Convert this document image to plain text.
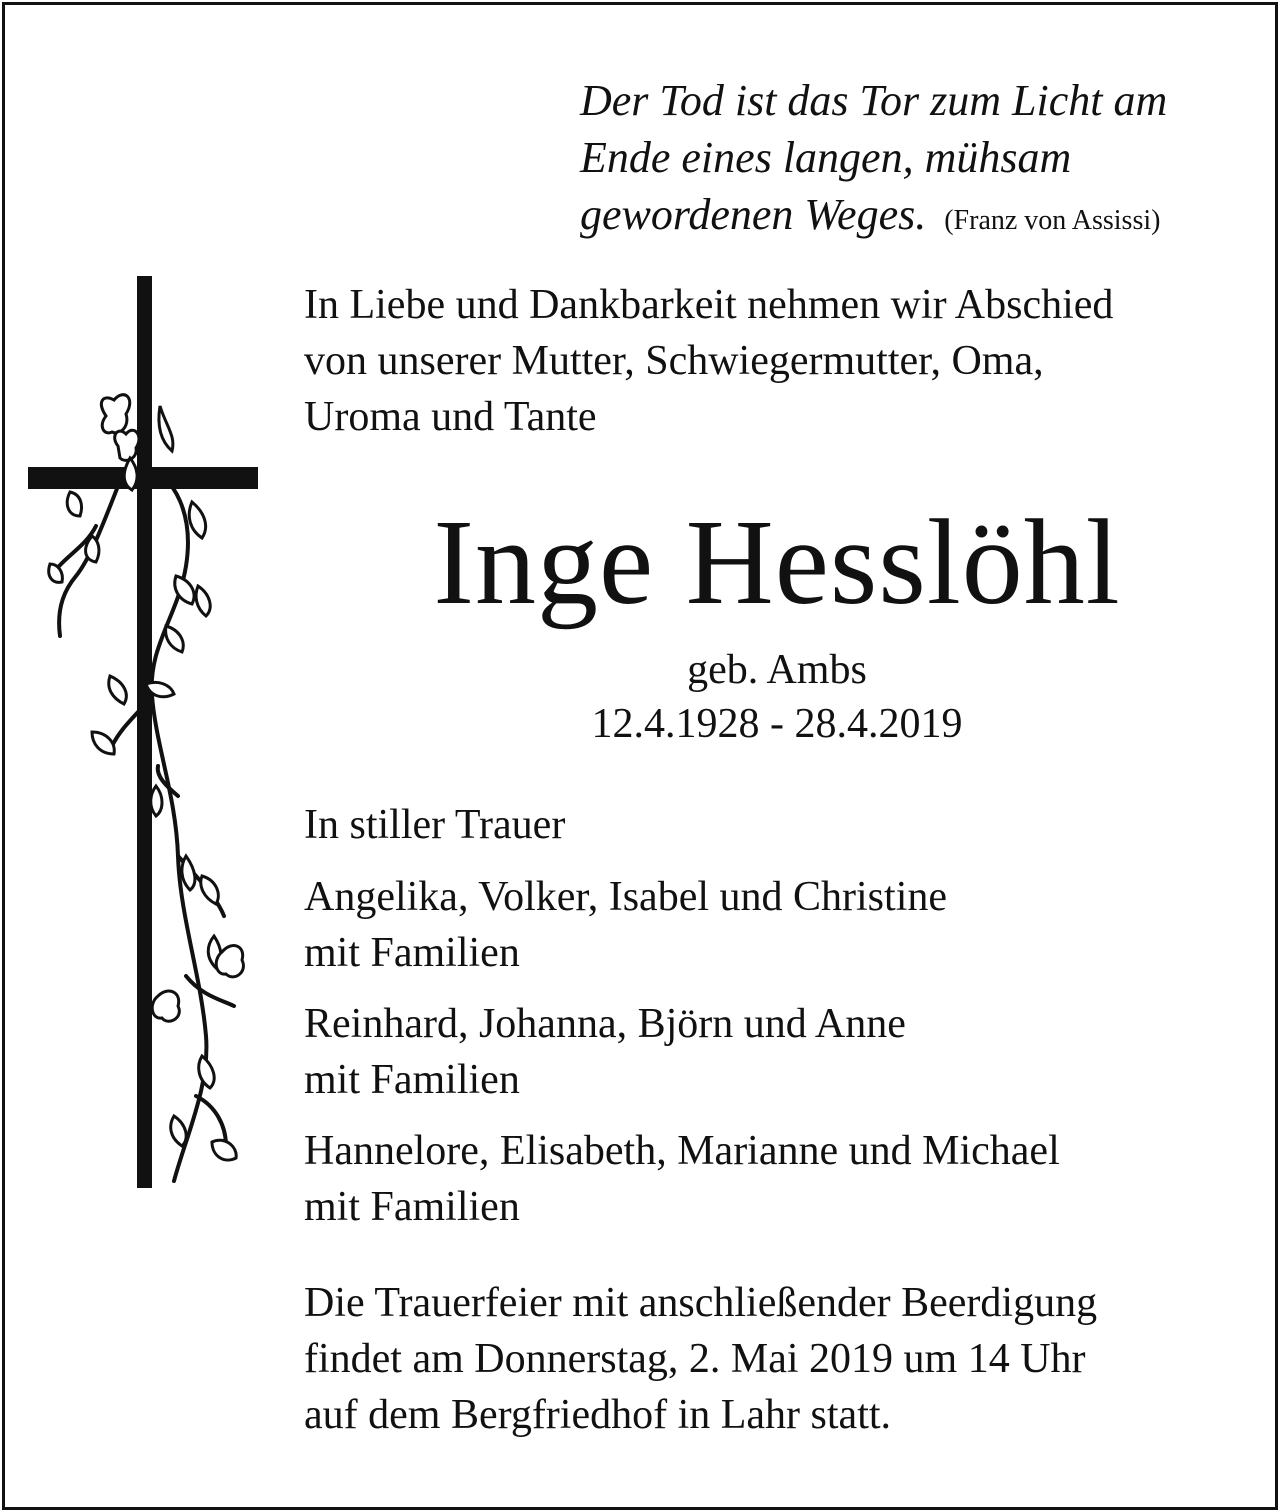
Der Tod ist das Tor zum Licht am
Ende eines langen, mühsam
gewordenen Weges. (Franz von Assissi)
In Liebe und Dankbarkeit nehmen wir Abschied
von unserer Mutter, Schwiegermutter, Oma,
Uroma und Tante
Inge Hesslöhl
geb. Ambs
12.4.1928 - 28.4.2019
In stiller Trauer
Angelika, Volker, Isabel und Christine
mit Familien
Reinhard, Johanna, Björn und Anne
mit Familien
Hannelore, Elisabeth, Marianne und Michael
mit Familien
Die Trauerfeier mit anschließender Beerdigung
findet am Donnerstag, 2. Mai 2019 um 14 Uhr
auf dem Bergfriedhof in Lahr statt.
